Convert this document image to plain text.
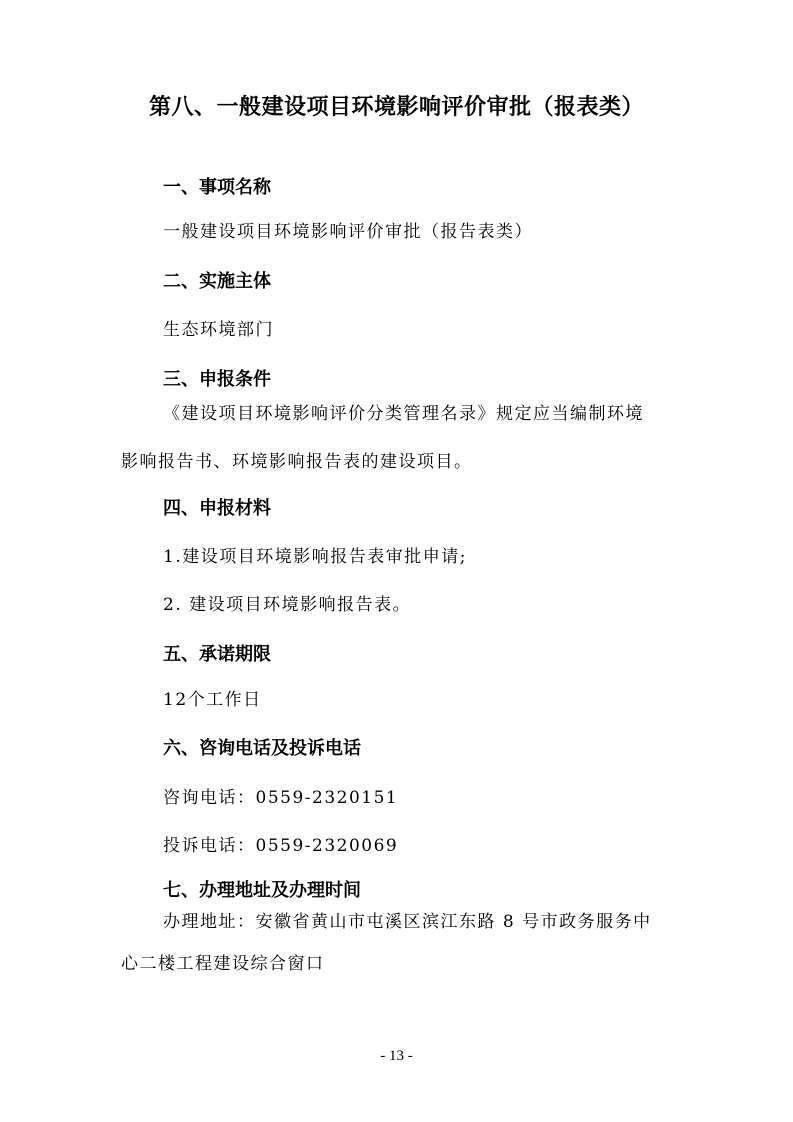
第八、一般建设项目环境影响评价审批（报表类）
一、事项名称
一般建设项目环境影响评价审批（报告表类）
二、实施主体
生态环境部门
三、申报条件
《建设项目环境影响评价分类管理名录》规定应当编制环境
影响报告书、环境影响报告表的建设项目。
四、申报材料
1.建设项目环境影响报告表审批申请;
2. 建设项目环境影响报告表。
五、承诺期限
12个工作日
六、咨询电话及投诉电话
咨询电话：0559-2320151
投诉电话：0559-2320069
七、办理地址及办理时间
办理地址：安徽省黄山市屯溪区滨江东路 8 号市政务服务中
心二楼工程建设综合窗口
- 13 -
